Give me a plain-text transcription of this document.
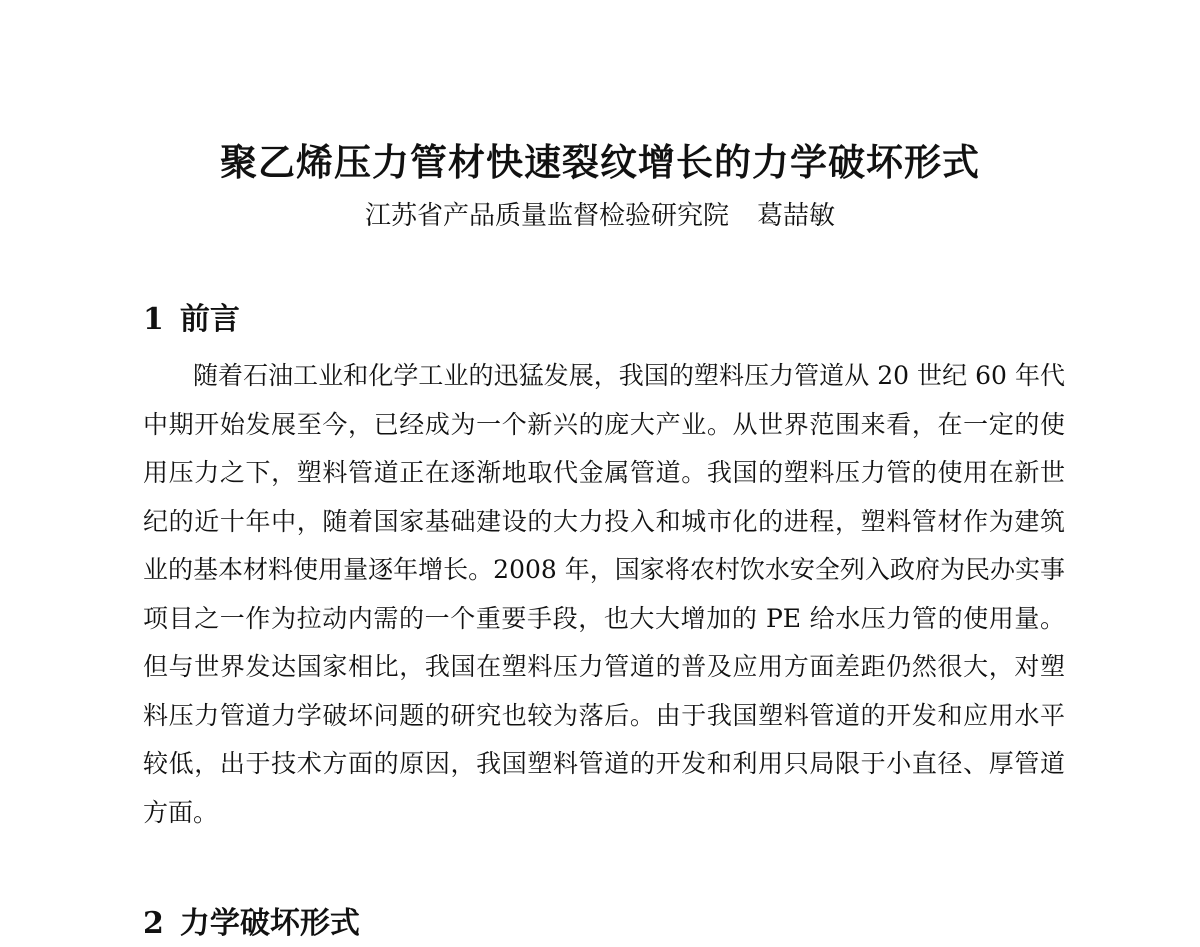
聚乙烯压力管材快速裂纹增长的力学破坏形式
江苏省产品质量监督检验研究院 葛喆敏
1 前言

随着石油工业和化学工业的迅猛发展，我国的塑料压力管道从 20 世纪 60 年代中期开始发展至今，已经成为一个新兴的庞大产业。从世界范围来看，在一定的使用压力之下，塑料管道正在逐渐地取代金属管道。我国的塑料压力管的使用在新世纪的近十年中，随着国家基础建设的大力投入和城市化的进程，塑料管材作为建筑业的基本材料使用量逐年增长。2008 年，国家将农村饮水安全列入政府为民办实事项目之一作为拉动内需的一个重要手段，也大大增加的 PE 给水压力管的使用量。但与世界发达国家相比，我国在塑料压力管道的普及应用方面差距仍然很大，对塑料压力管道力学破坏问题的研究也较为落后。由于我国塑料管道的开发和应用水平较低，出于技术方面的原因，我国塑料管道的开发和利用只局限于小直径、厚管道方面。

2 力学破坏形式
